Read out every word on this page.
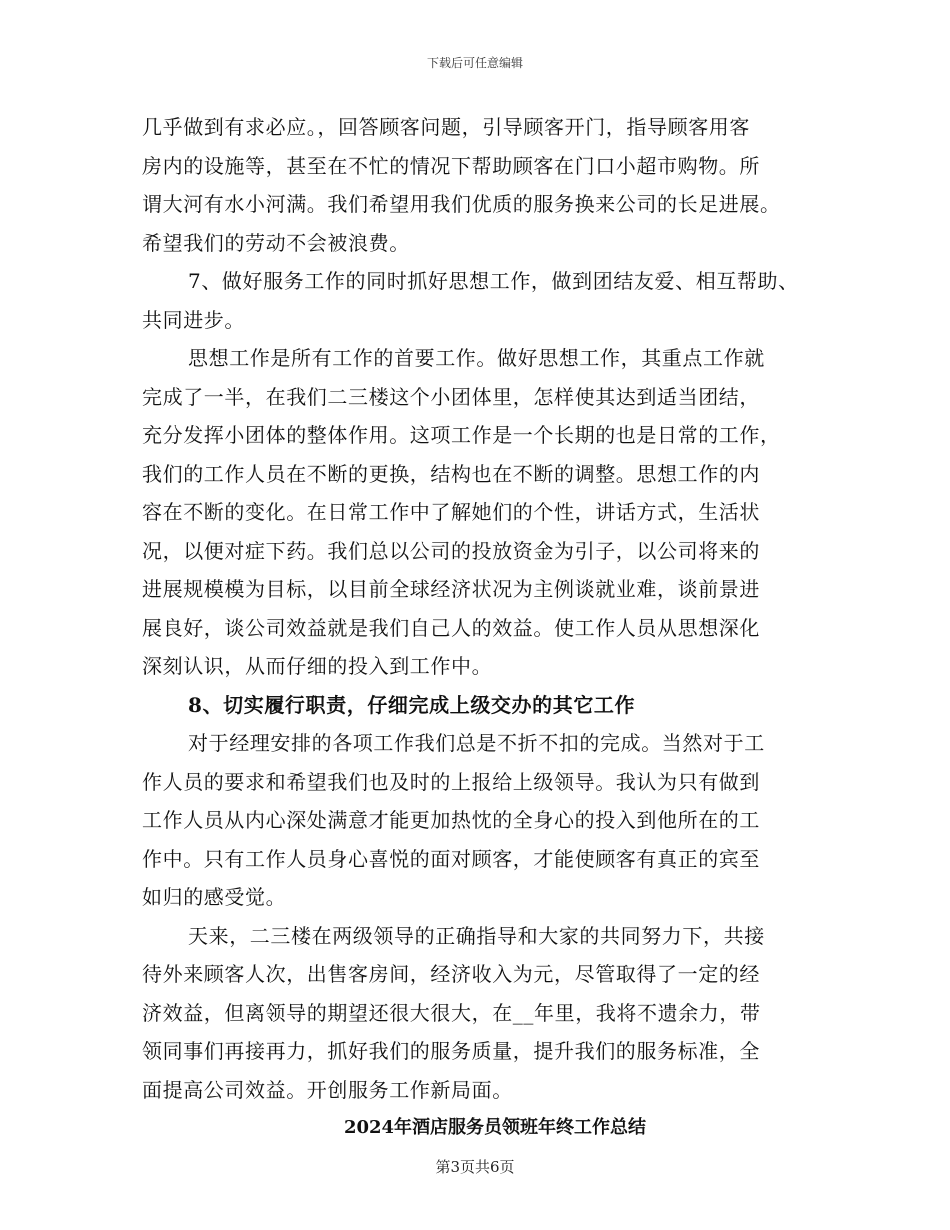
下载后可任意编辑
几乎做到有求必应。，回答顾客问题，引导顾客开门，指导顾客用客
房内的设施等，甚至在不忙的情况下帮助顾客在门口小超市购物。所
谓大河有水小河满。我们希望用我们优质的服务换来公司的长足进展。
希望我们的劳动不会被浪费。
7、做好服务工作的同时抓好思想工作，做到团结友爱、相互帮助、
共同进步。
思想工作是所有工作的首要工作。做好思想工作，其重点工作就
完成了一半，在我们二三楼这个小团体里，怎样使其达到适当团结，
充分发挥小团体的整体作用。这项工作是一个长期的也是日常的工作，
我们的工作人员在不断的更换，结构也在不断的调整。思想工作的内
容在不断的变化。在日常工作中了解她们的个性，讲话方式，生活状
况，以便对症下药。我们总以公司的投放资金为引子，以公司将来的
进展规模模为目标，以目前全球经济状况为主例谈就业难，谈前景进
展良好，谈公司效益就是我们自己人的效益。使工作人员从思想深化
深刻认识，从而仔细的投入到工作中。
8、切实履行职责，仔细完成上级交办的其它工作
对于经理安排的各项工作我们总是不折不扣的完成。当然对于工
作人员的要求和希望我们也及时的上报给上级领导。我认为只有做到
工作人员从内心深处满意才能更加热忱的全身心的投入到他所在的工
作中。只有工作人员身心喜悦的面对顾客，才能使顾客有真正的宾至
如归的感受觉。
天来，二三楼在两级领导的正确指导和大家的共同努力下，共接
待外来顾客人次，出售客房间，经济收入为元，尽管取得了一定的经
济效益，但离领导的期望还很大很大，在__年里，我将不遗余力，带
领同事们再接再力，抓好我们的服务质量，提升我们的服务标准，全
面提高公司效益。开创服务工作新局面。
2024年酒店服务员领班年终工作总结
第3页共6页
